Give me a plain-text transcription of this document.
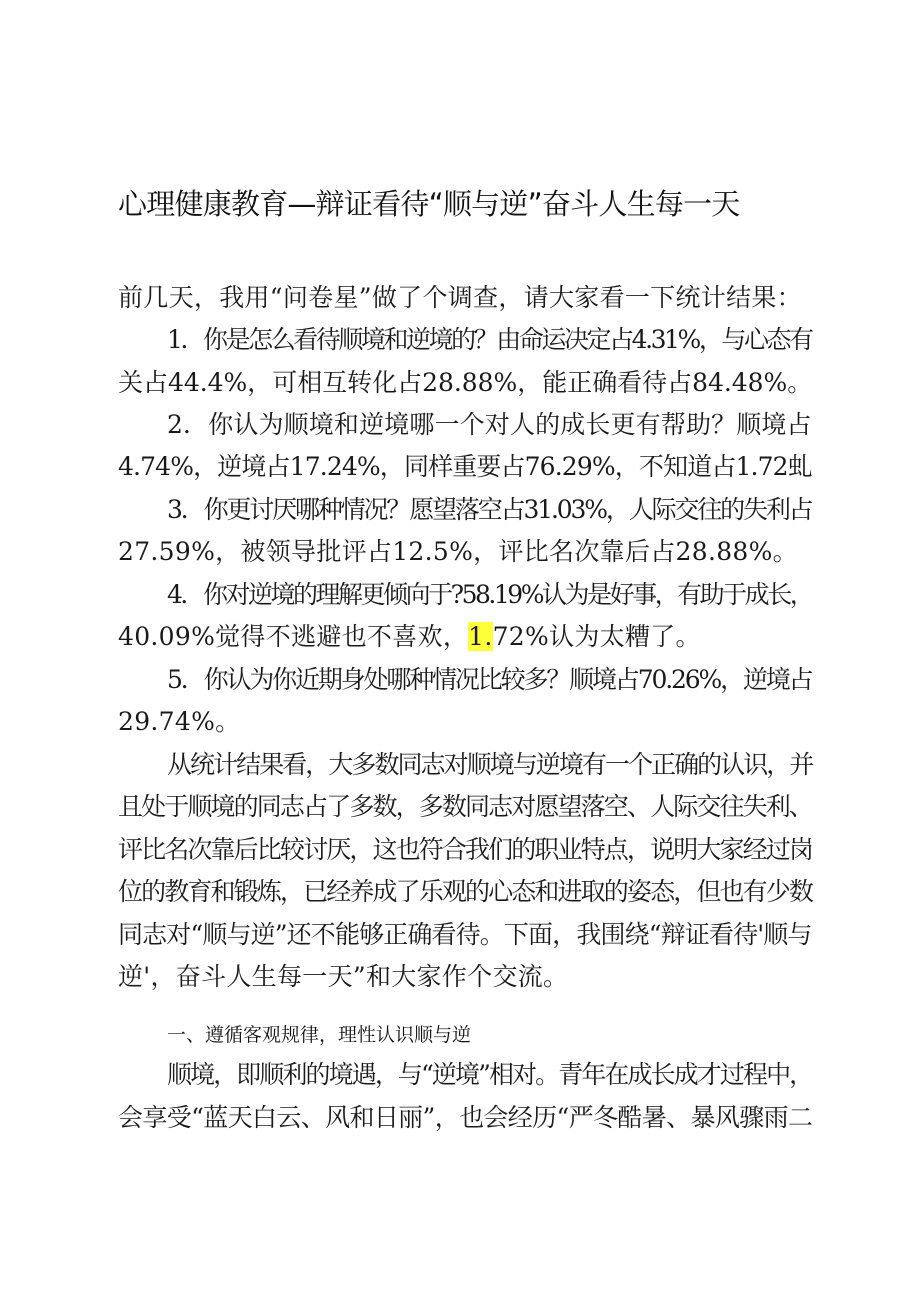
心理健康教育—辩证看待“顺与逆”奋斗人生每一天
前几天，我用“问卷星”做了个调查，请大家看一下统计结果：
1．你是怎么看待顺境和逆境的？由命运决定占4.31%，与心态有
关占44.4%，可相互转化占28.88%，能正确看待占84.48%。
2．你认为顺境和逆境哪一个对人的成长更有帮助？顺境占
4.74%，逆境占17.24%，同样重要占76.29%，不知道占1.72虬
3．你更讨厌哪种情况？愿望落空占31.03%，人际交往的失利占
27.59%，被领导批评占12.5%，评比名次靠后占28.88%。
4．你对逆境的理解更倾向于?58.19%认为是好事，有助于成长，
40.09%觉得不逃避也不喜欢，1.72%认为太糟了。
5．你认为你近期身处哪种情况比较多？顺境占70.26%，逆境占
29.74%。
从统计结果看，大多数同志对顺境与逆境有一个正确的认识，并
且处于顺境的同志占了多数，多数同志对愿望落空、人际交往失利、
评比名次靠后比较讨厌，这也符合我们的职业特点，说明大家经过岗
位的教育和锻炼，已经养成了乐观的心态和进取的姿态，但也有少数
同志对“顺与逆”还不能够正确看待。下面，我围绕“辩证看待'顺与
逆'，奋斗人生每一天”和大家作个交流。
一、遵循客观规律，理性认识顺与逆
顺境，即顺利的境遇，与“逆境”相对。青年在成长成才过程中，
会享受“蓝天白云、风和日丽”，也会经历“严冬酷暑、暴风骤雨二
